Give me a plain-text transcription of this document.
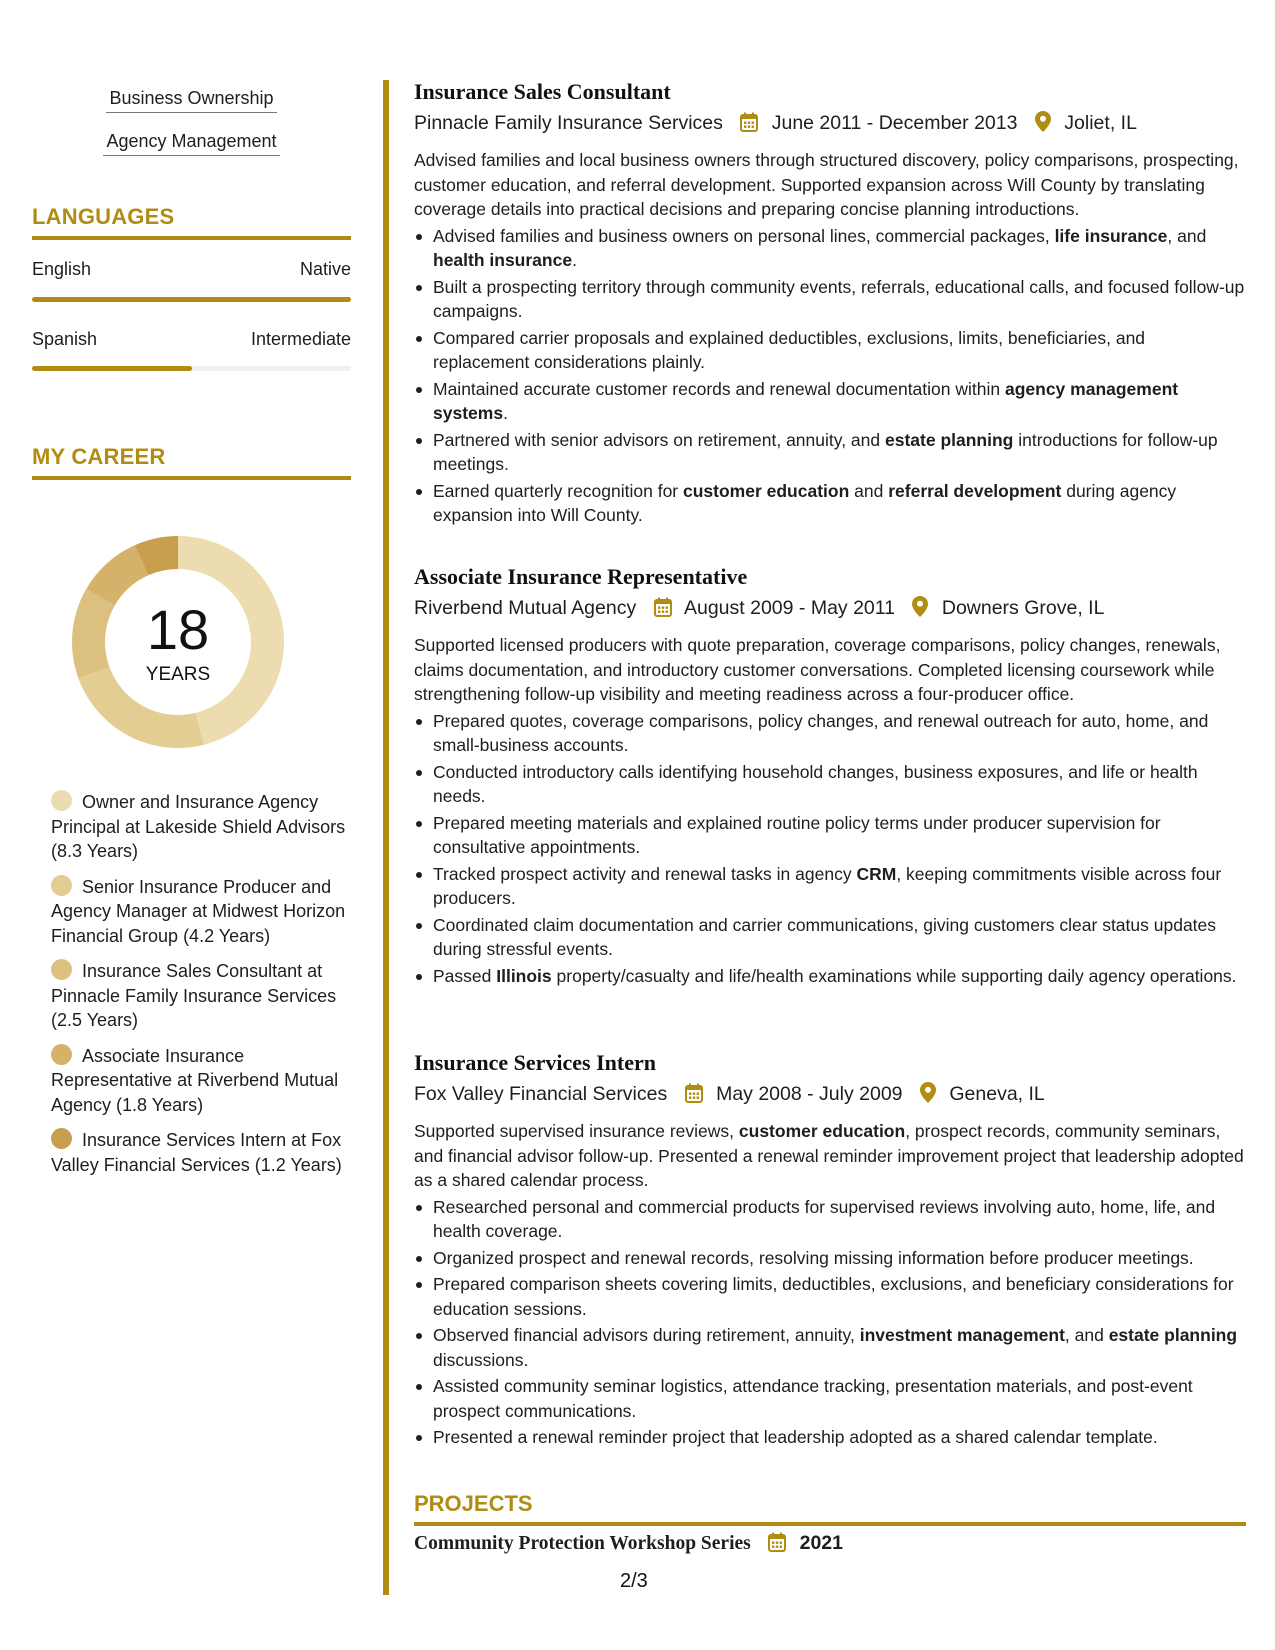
Business Ownership
Agency Management
LANGUAGES
English	Native
Spanish	Intermediate
MY CAREER
18
YEARS
Owner and Insurance Agency Principal at Lakeside Shield Advisors (8.3 Years)
Senior Insurance Producer and Agency Manager at Midwest Horizon Financial Group (4.2 Years)
Insurance Sales Consultant at Pinnacle Family Insurance Services (2.5 Years)
Associate Insurance Representative at Riverbend Mutual Agency (1.8 Years)
Insurance Services Intern at Fox Valley Financial Services (1.2 Years)
Insurance Sales Consultant
Pinnacle Family Insurance Services	June 2011 - December 2013 Joliet, IL
Advised families and local business owners through structured discovery, policy comparisons, prospecting, customer education, and referral development. Supported expansion across Will County by translating coverage details into practical decisions and preparing concise planning introductions.
Advised families and business owners on personal lines, commercial packages, life insurance, and health insurance.
Built a prospecting territory through community events, referrals, educational calls, and focused follow-up campaigns.
Compared carrier proposals and explained deductibles, exclusions, limits, beneficiaries, and replacement considerations plainly.
Maintained accurate customer records and renewal documentation within agency management systems.
Partnered with senior advisors on retirement, annuity, and estate planning introductions for follow-up meetings.
Earned quarterly recognition for customer education and referral development during agency expansion into Will County.
Associate Insurance Representative
Riverbend Mutual Agency August 2009 - May 2011 Downers Grove, IL
Supported licensed producers with quote preparation, coverage comparisons, policy changes, renewals, claims documentation, and introductory customer conversations. Completed licensing coursework while strengthening follow-up visibility and meeting readiness across a four-producer office.
Prepared quotes, coverage comparisons, policy changes, and renewal outreach for auto, home, and small-business accounts.
Conducted introductory calls identifying household changes, business exposures, and life or health needs.
Prepared meeting materials and explained routine policy terms under producer supervision for consultative appointments.
Tracked prospect activity and renewal tasks in agency CRM, keeping commitments visible across four producers.
Coordinated claim documentation and carrier communications, giving customers clear status updates during stressful events.
Passed Illinois property/casualty and life/health examinations while supporting daily agency operations.
Insurance Services Intern
Fox Valley Financial Services	May 2008 - July 2009 Geneva, IL
Supported supervised insurance reviews, customer education, prospect records, community seminars, and financial advisor follow-up. Presented a renewal reminder improvement project that leadership adopted as a shared calendar process.
Researched personal and commercial products for supervised reviews involving auto, home, life, and health coverage.
Organized prospect and renewal records, resolving missing information before producer meetings.
Prepared comparison sheets covering limits, deductibles, exclusions, and beneficiary considerations for education sessions.
Observed financial advisors during retirement, annuity, investment management, and estate planning discussions.
Assisted community seminar logistics, attendance tracking, presentation materials, and post-event prospect communications.
Presented a renewal reminder project that leadership adopted as a shared calendar template.
PROJECTS
Community Protection Workshop Series	2021
2/3
